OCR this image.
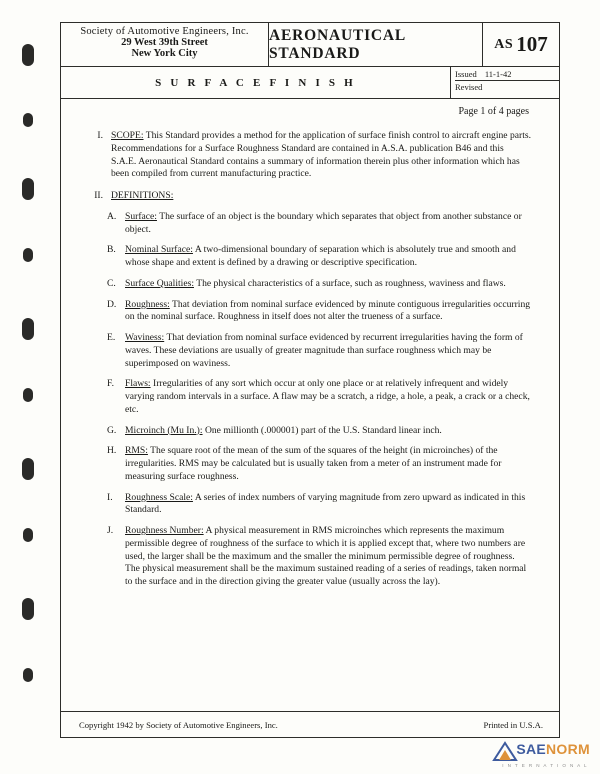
Society of Automotive Engineers, Inc.
29 West 39th Street
New York City
AERONAUTICAL STANDARD
AS 107
S U R F A C E F I N I S H
Issued 11-1-42
Revised
Page 1 of 4 pages
I. SCOPE: This Standard provides a method for the application of surface finish control to aircraft engine parts. Recommendations for a Surface Roughness Standard are contained in A.S.A. publication B46 and this S.A.E. Aeronautical Standard contains a summary of information therein plus other information which has been compiled from current manufacturing practice.
II. DEFINITIONS:
A. Surface: The surface of an object is the boundary which separates that object from another substance or object.
B. Nominal Surface: A two-dimensional boundary of separation which is absolutely true and smooth and whose shape and extent is defined by a drawing or descriptive specification.
C. Surface Qualities: The physical characteristics of a surface, such as roughness, waviness and flaws.
D. Roughness: That deviation from nominal surface evidenced by minute contiguous irregularities occurring on the nominal surface. Roughness in itself does not alter the trueness of a surface.
E.	Waviness: That deviation from nominal surface evidenced by recurrent irregularities having the form of waves. These deviations are usually of greater magnitude than surface roughness which may be superimposed on waviness.
F.	Flaws: Irregularities of any sort which occur at only one place or at relatively infrequent and widely varying random intervals in a surface. A flaw may be a scratch, a ridge, a hole, a peak, a crack or a check, etc.
G. Microinch (Mu In.): One millionth (.000001) part of the U.S. Standard linear inch.
H. RMS: The square root of the mean of the sum of the squares of the height (in microinches) of the irregularities. RMS may be calculated but is usually taken from a meter of an instrument made for measuring surface roughness.
I.	Roughness Scale: A series of index numbers of varying magnitude from zero upward as indicated in this Standard.
J.	Roughness Number: A physical measurement in RMS microinches which represents the maximum permissible degree of roughness of the surface to which it is applied except that, where two numbers are used, the larger shall be the maximum and the smaller the minimum permissible degree of roughness. The physical measurement shall be the maximum sustained reading of a series of readings, taken normal to the surface and in the direction giving the greater value (usually across the lay).
Copyright 1942 by Society of Automotive Engineers, Inc.	Printed in U.S.A.
SAENORM
I N T E R N A T I O N A L
